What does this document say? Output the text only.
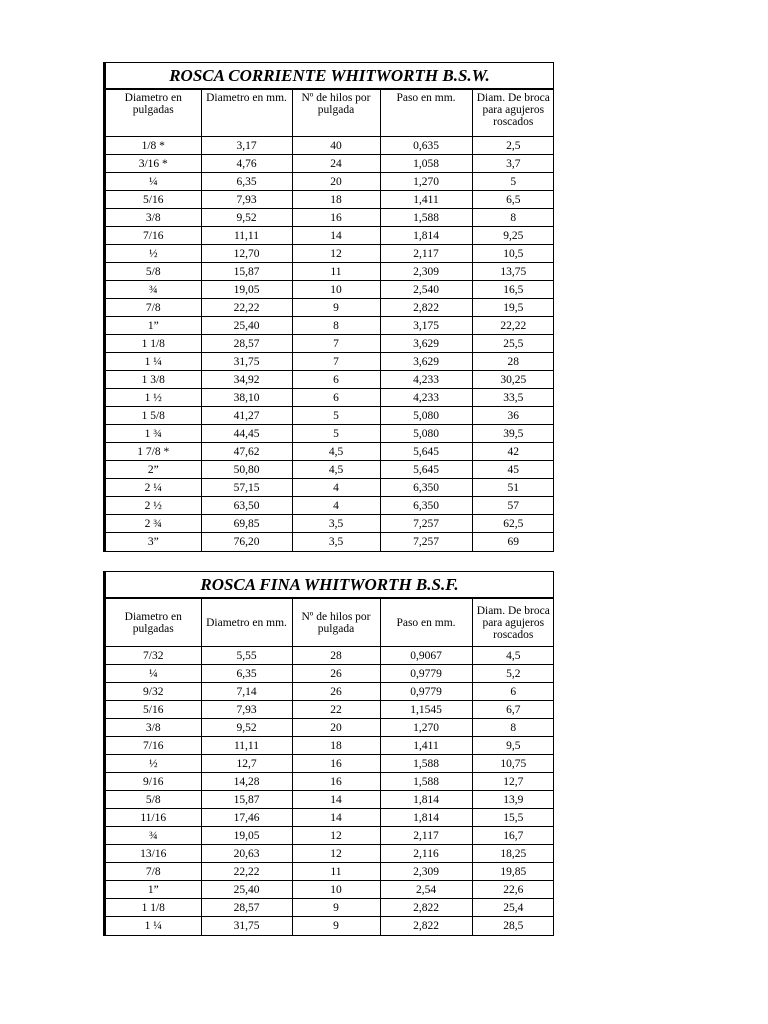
ROSCA CORRIENTE WHITWORTH B.S.W.
Diametro en pulgadas	Diametro en mm.	Nº de hilos por pulgada	Paso en mm.	Diam. De broca para agujeros roscados
1/8 *	3,17	40	0,635	2,5
3/16 *	4,76	24	1,058	3,7
¼	6,35	20	1,270	5
5/16	7,93	18	1,411	6,5
3/8	9,52	16	1,588	8
7/16	11,11	14	1,814	9,25
½	12,70	12	2,117	10,5
5/8	15,87	11	2,309	13,75
¾	19,05	10	2,540	16,5
7/8	22,22	9	2,822	19,5
1”	25,40	8	3,175	22,22
1 1/8	28,57	7	3,629	25,5
1 ¼	31,75	7	3,629	28
1 3/8	34,92	6	4,233	30,25
1 ½	38,10	6	4,233	33,5
1 5/8	41,27	5	5,080	36
1 ¾	44,45	5	5,080	39,5
1 7/8 *	47,62	4,5	5,645	42
2”	50,80	4,5	5,645	45
2 ¼	57,15	4	6,350	51
2 ½	63,50	4	6,350	57
2 ¾	69,85	3,5	7,257	62,5
3”	76,20	3,5	7,257	69
ROSCA FINA WHITWORTH B.S.F.
Diametro en pulgadas	Diametro en mm.	Nº de hilos por pulgada	Paso en mm.	Diam. De broca para agujeros roscados
7/32	5,55	28	0,9067	4,5
¼	6,35	26	0,9779	5,2
9/32	7,14	26	0,9779	6
5/16	7,93	22	1,1545	6,7
3/8	9,52	20	1,270	8
7/16	11,11	18	1,411	9,5
½	12,7	16	1,588	10,75
9/16	14,28	16	1,588	12,7
5/8	15,87	14	1,814	13,9
11/16	17,46	14	1,814	15,5
¾	19,05	12	2,117	16,7
13/16	20,63	12	2,116	18,25
7/8	22,22	11	2,309	19,85
1”	25,40	10	2,54	22,6
1 1/8	28,57	9	2,822	25,4
1 ¼	31,75	9	2,822	28,5
